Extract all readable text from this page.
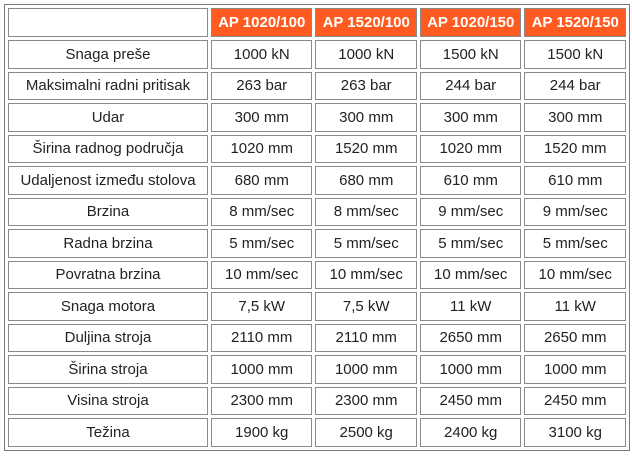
	AP 1020/100	AP 1520/100	AP 1020/150	AP 1520/150
Snaga preše	1000 kN	1000 kN	1500 kN	1500 kN
Maksimalni radni pritisak	263 bar	263 bar	244 bar	244 bar
Udar	300 mm	300 mm	300 mm	300 mm
Širina radnog područja	1020 mm	1520 mm	1020 mm	1520 mm
Udaljenost između stolova	680 mm	680 mm	610 mm	610 mm
Brzina	8 mm/sec	8 mm/sec	9 mm/sec	9 mm/sec
Radna brzina	5 mm/sec	5 mm/sec	5 mm/sec	5 mm/sec
Povratna brzina	10 mm/sec	10 mm/sec	10 mm/sec	10 mm/sec
Snaga motora	7,5 kW	7,5 kW	11 kW	11 kW
Duljina stroja	2110 mm	2110 mm	2650 mm	2650 mm
Širina stroja	1000 mm	1000 mm	1000 mm	1000 mm
Visina stroja	2300 mm	2300 mm	2450 mm	2450 mm
Težina	1900 kg	2500 kg	2400 kg	3100 kg
